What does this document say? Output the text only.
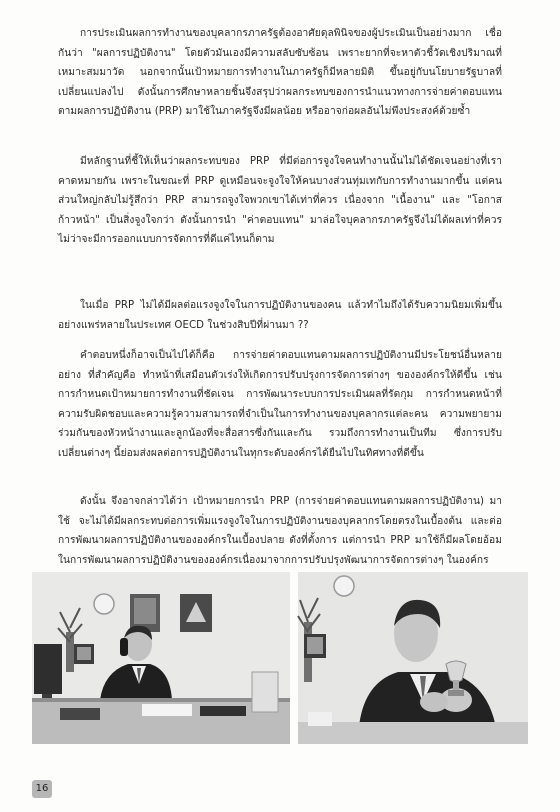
การประเมินผลการทำงานของบุคลากรภาครัฐต้องอาศัยดุลพินิจของผู้ประเมินเป็นอย่างมาก เชื่อกันว่า "ผลการปฏิบัติงาน" โดยตัวมันเองมีความสลับซับซ้อน เพราะยากที่จะหาตัวชี้วัดเชิงปริมาณที่เหมาะสมมาวัด นอกจากนั้นเป้าหมายการทำงานในภาครัฐก็มีหลายมิติ ขึ้นอยู่กับนโยบายรัฐบาลที่เปลี่ยนแปลงไป ดังนั้นการศึกษาหลายชิ้นจึงสรุปว่าผลกระทบของการนำแนวทางการจ่ายค่าตอบแทนตามผลการปฏิบัติงาน (PRP) มาใช้ในภาครัฐจึงมีผลน้อย หรืออาจก่อผลอันไม่พึงประสงค์ด้วยซ้ำ

มีหลักฐานที่ชี้ให้เห็นว่าผลกระทบของ PRP ที่มีต่อการจูงใจคนทำงานนั้นไม่ได้ชัดเจนอย่างที่เราคาดหมายกัน เพราะในขณะที่ PRP ดูเหมือนจะจูงใจให้คนบางส่วนทุ่มเทกับการทำงานมากขึ้น แต่คนส่วนใหญ่กลับไม่รู้สึกว่า PRP สามารถจูงใจพวกเขาได้เท่าที่ควร เนื่องจาก "เนื้องาน" และ "โอกาสก้าวหน้า" เป็นสิ่งจูงใจกว่า ดังนั้นการนำ "ค่าตอบแทน" มาล่อใจบุคลากรภาครัฐจึงไม่ได้ผลเท่าที่ควร ไม่ว่าจะมีการออกแบบการจัดการที่ดีแค่ไหนก็ตาม

ในเมื่อ PRP ไม่ได้มีผลต่อแรงจูงใจในการปฏิบัติงานของคน แล้วทำไมถึงได้รับความนิยมเพิ่มขึ้นอย่างแพร่หลายในประเทศ OECD ในช่วงสิบปีที่ผ่านมา ??

คำตอบหนึ่งก็อาจเป็นไปได้ก็คือ การจ่ายค่าตอบแทนตามผลการปฏิบัติงานมีประโยชน์อื่นหลายอย่าง ที่สำคัญคือ ทำหน้าที่เสมือนตัวเร่งให้เกิดการปรับปรุงการจัดการต่างๆ ขององค์กรให้ดีขึ้น เช่น การกำหนดเป้าหมายการทำงานที่ชัดเจน การพัฒนาระบบการประเมินผลที่รัดกุม การกำหนดหน้าที่ความรับผิดชอบและความรู้ความสามารถที่จำเป็นในการทำงานของบุคลากรแต่ละคน ความพยายามร่วมกันของหัวหน้างานและลูกน้องที่จะสื่อสารซึ่งกันและกัน รวมถึงการทำงานเป็นทีม ซึ่งการปรับเปลี่ยนต่างๆ นี้ย่อมส่งผลต่อการปฏิบัติงานในทุกระดับองค์กรได้ยืนไปในทิศทางที่ดีขึ้น

ดังนั้น จึงอาจกล่าวได้ว่า เป้าหมายการนำ PRP (การจ่ายค่าตอบแทนตามผลการปฏิบัติงาน) มาใช้ จะไม่ได้มีผลกระทบต่อการเพิ่มแรงจูงใจในการปฏิบัติงานของบุคลากรโดยตรงในเบื้องต้น และต่อการพัฒนาผลการปฏิบัติงานขององค์กรในเบื้องปลาย ดังที่ตั้งการ แต่การนำ PRP มาใช้ก็มีผลโดยอ้อมในการพัฒนาผลการปฏิบัติงานขององค์กรเนื่องมาจากการปรับปรุงพัฒนาการจัดการต่างๆ ในองค์กร

16
